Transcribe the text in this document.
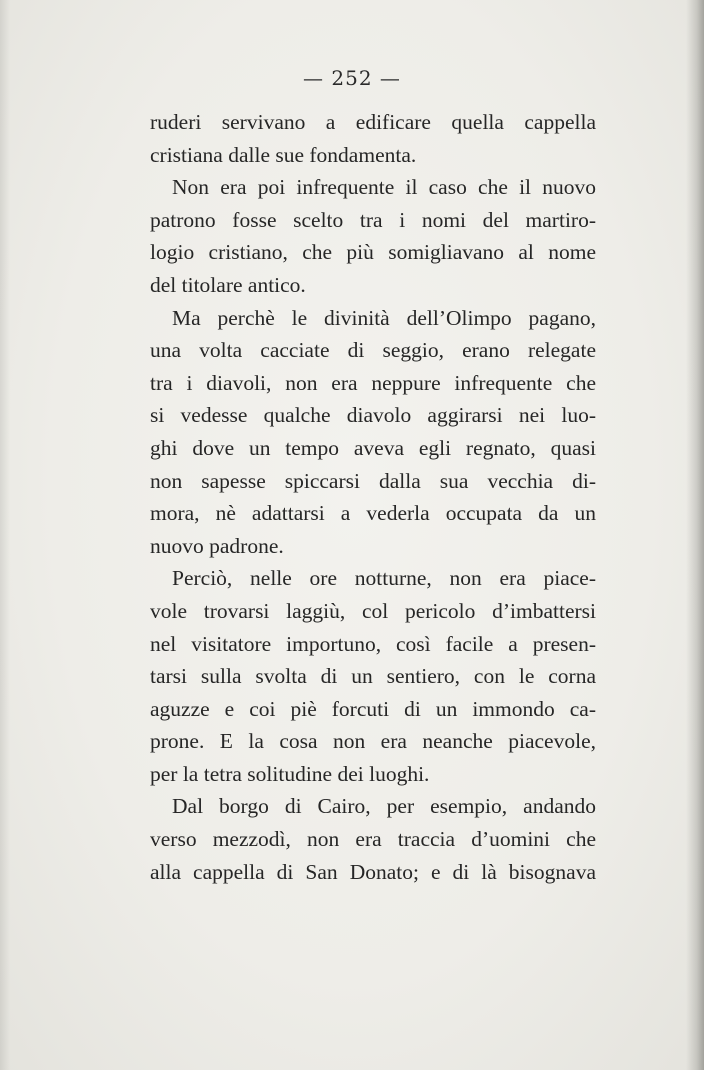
— 252 —
ruderi servivano a edificare quella cappella
cristiana dalle sue fondamenta.
Non era poi infrequente il caso che il nuovo
patrono fosse scelto tra i nomi del martiro-
logio cristiano, che più somigliavano al nome
del titolare antico.
Ma perchè le divinità dell’Olimpo pagano,
una volta cacciate di seggio, erano relegate
tra i diavoli, non era neppure infrequente che
si vedesse qualche diavolo aggirarsi nei luo-
ghi dove un tempo aveva egli regnato, quasi
non sapesse spiccarsi dalla sua vecchia di-
mora, nè adattarsi a vederla occupata da un
nuovo padrone.
Perciò, nelle ore notturne, non era piace-
vole trovarsi laggiù, col pericolo d’imbattersi
nel visitatore importuno, così facile a presen-
tarsi sulla svolta di un sentiero, con le corna
aguzze e coi piè forcuti di un immondo ca-
prone. E la cosa non era neanche piacevole,
per la tetra solitudine dei luoghi.
Dal borgo di Cairo, per esempio, andando
verso mezzodì, non era traccia d’uomini che
alla cappella di San Donato; e di là bisognava
